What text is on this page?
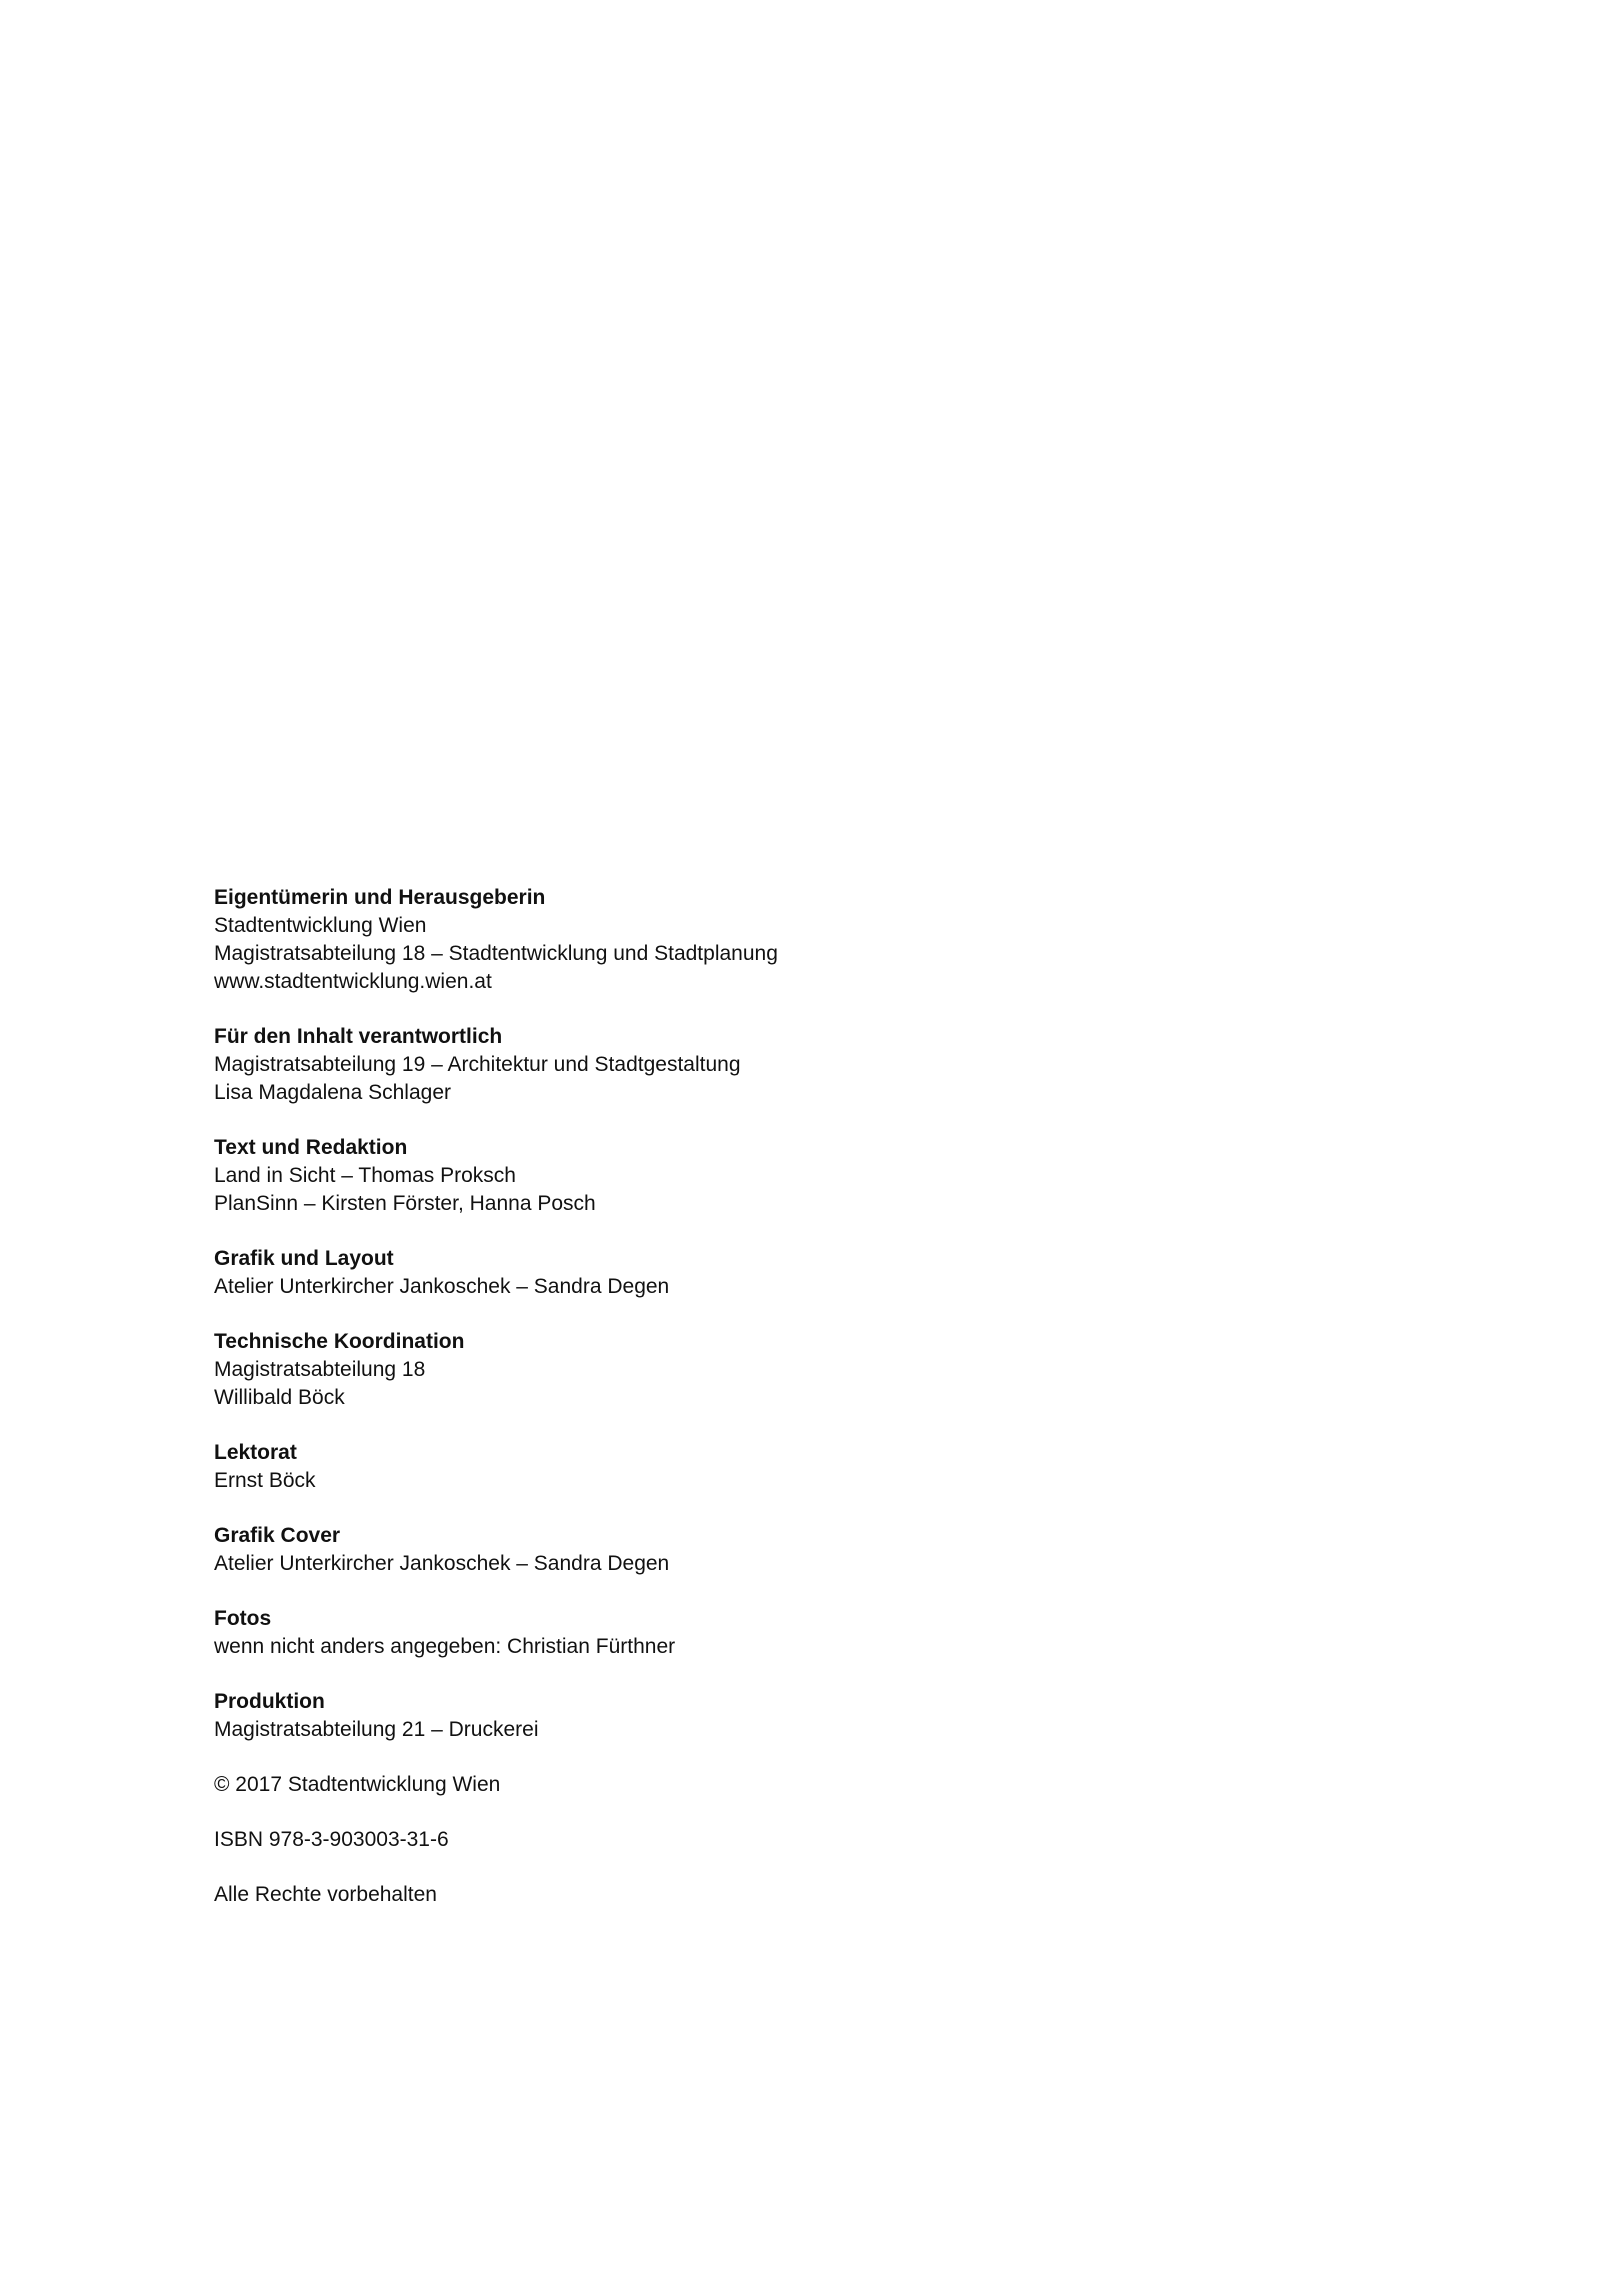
Eigentümerin und Herausgeberin
Stadtentwicklung Wien
Magistratsabteilung 18 – Stadtentwicklung und Stadtplanung
www.stadtentwicklung.wien.at
Für den Inhalt verantwortlich
Magistratsabteilung 19 – Architektur und Stadtgestaltung
Lisa Magdalena Schlager
Text und Redaktion
Land in Sicht – Thomas Proksch
PlanSinn – Kirsten Förster, Hanna Posch
Grafik und Layout
Atelier Unterkircher Jankoschek – Sandra Degen
Technische Koordination
Magistratsabteilung 18
Willibald Böck
Lektorat
Ernst Böck
Grafik Cover
Atelier Unterkircher Jankoschek – Sandra Degen
Fotos
wenn nicht anders angegeben: Christian Fürthner
Produktion
Magistratsabteilung 21 – Druckerei
© 2017 Stadtentwicklung Wien
ISBN 978-3-903003-31-6
Alle Rechte vorbehalten
